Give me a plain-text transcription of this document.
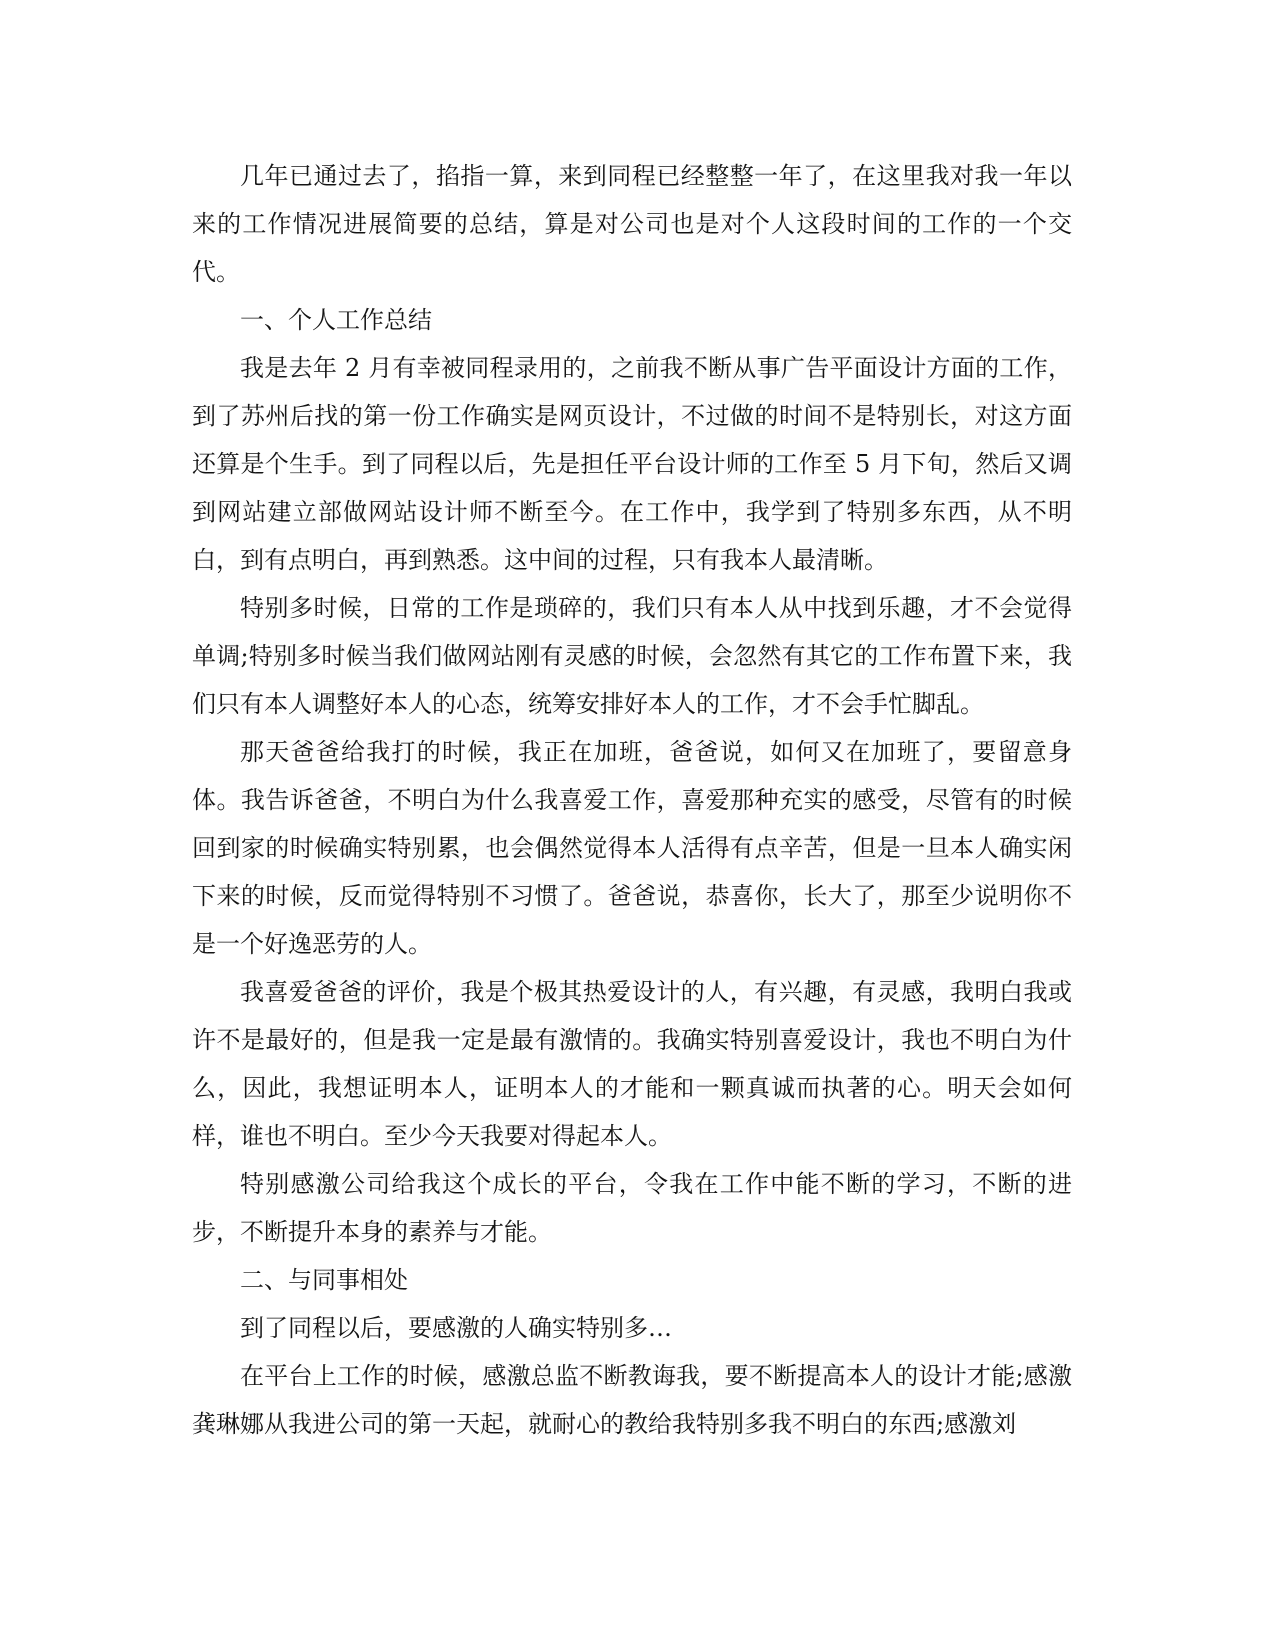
几年已通过去了，掐指一算，来到同程已经整整一年了，在这里我对我一年以来的工作情况进展简要的总结，算是对公司也是对个人这段时间的工作的一个交代。

一、个人工作总结

我是去年 2 月有幸被同程录用的，之前我不断从事广告平面设计方面的工作，到了苏州后找的第一份工作确实是网页设计，不过做的时间不是特别长，对这方面还算是个生手。到了同程以后，先是担任平台设计师的工作至 5 月下旬，然后又调到网站建立部做网站设计师不断至今。在工作中，我学到了特别多东西，从不明白，到有点明白，再到熟悉。这中间的过程，只有我本人最清晰。

特别多时候，日常的工作是琐碎的，我们只有本人从中找到乐趣，才不会觉得单调;特别多时候当我们做网站刚有灵感的时候，会忽然有其它的工作布置下来，我们只有本人调整好本人的心态，统筹安排好本人的工作，才不会手忙脚乱。

那天爸爸给我打的时候，我正在加班，爸爸说，如何又在加班了，要留意身体。我告诉爸爸，不明白为什么我喜爱工作，喜爱那种充实的感受，尽管有的时候回到家的时候确实特别累，也会偶然觉得本人活得有点辛苦，但是一旦本人确实闲下来的时候，反而觉得特别不习惯了。爸爸说，恭喜你，长大了，那至少说明你不是一个好逸恶劳的人。

我喜爱爸爸的评价，我是个极其热爱设计的人，有兴趣，有灵感，我明白我或许不是最好的，但是我一定是最有激情的。我确实特别喜爱设计，我也不明白为什么，因此，我想证明本人，证明本人的才能和一颗真诚而执著的心。明天会如何样，谁也不明白。至少今天我要对得起本人。

特别感激公司给我这个成长的平台，令我在工作中能不断的学习，不断的进步，不断提升本身的素养与才能。

二、与同事相处

到了同程以后，要感激的人确实特别多…

在平台上工作的时候，感激总监不断教诲我，要不断提高本人的设计才能;感激龚琳娜从我进公司的第一天起，就耐心的教给我特别多我不明白的东西;感激刘
